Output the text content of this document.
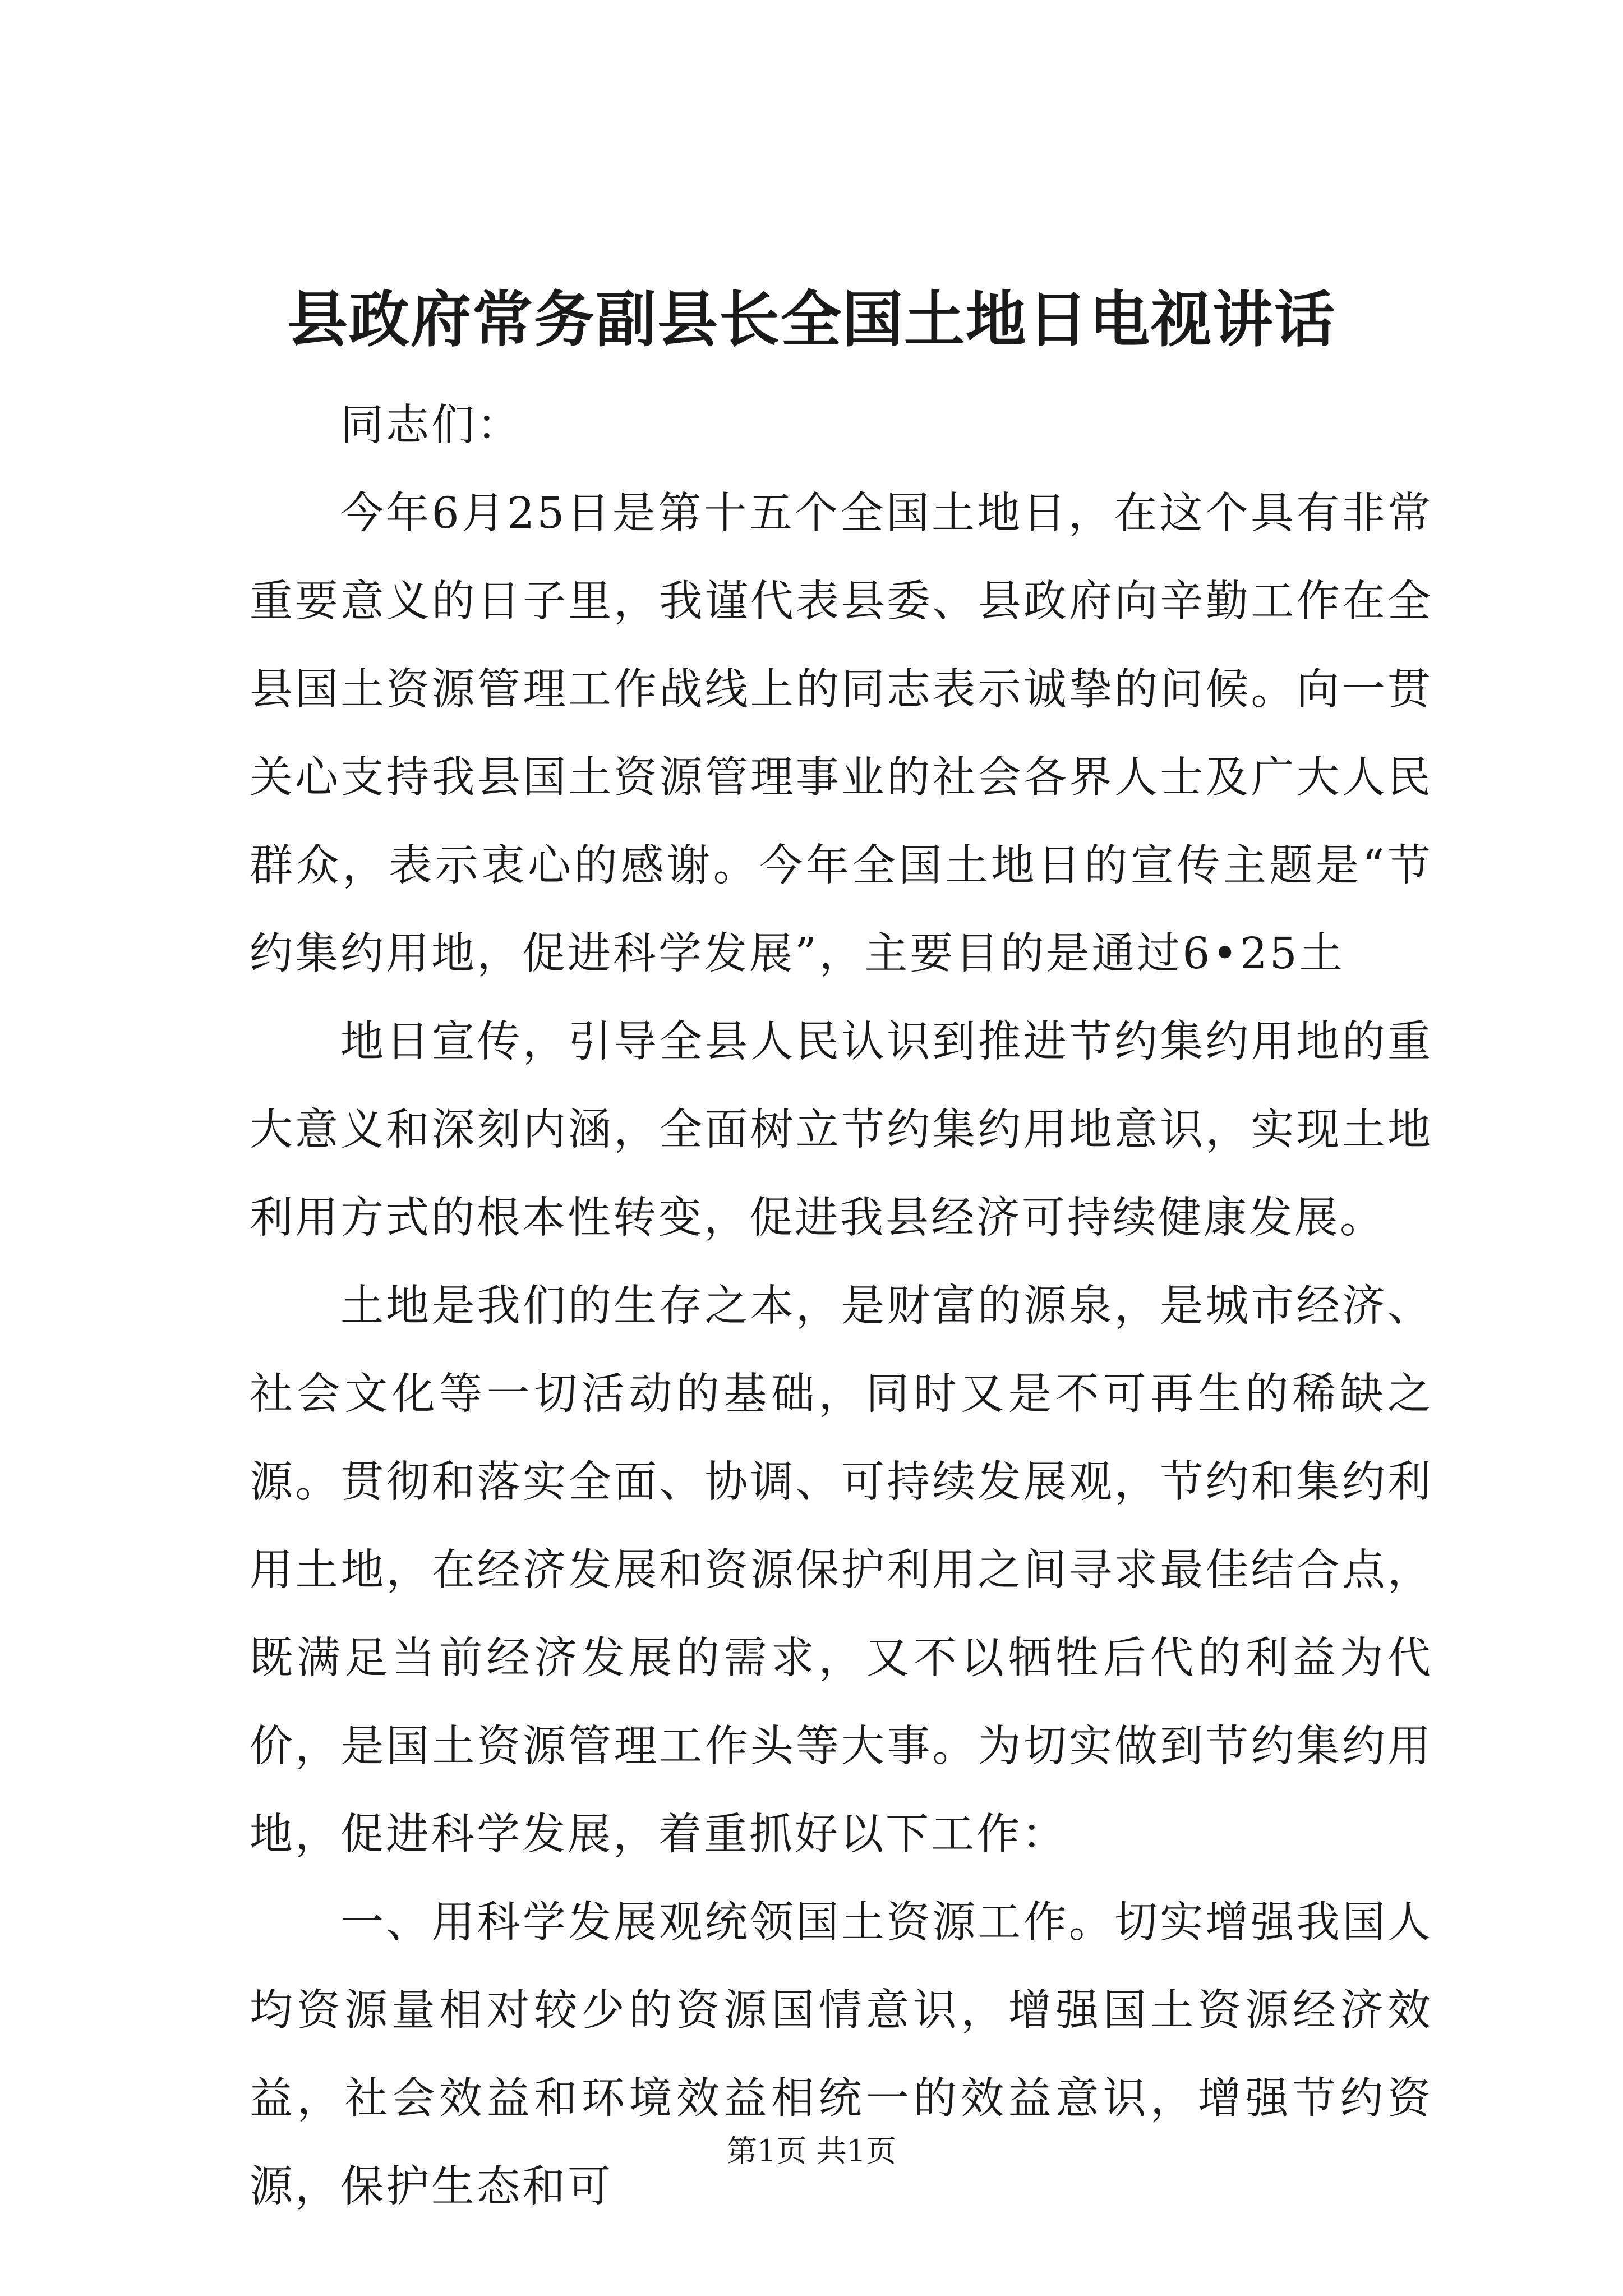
县政府常务副县长全国土地日电视讲话

同志们：

今年6月25日是第十五个全国土地日，在这个具有非常重要意义的日子里，我谨代表县委、县政府向辛勤工作在全县国土资源管理工作战线上的同志表示诚挚的问候。向一贯关心支持我县国土资源管理事业的社会各界人士及广大人民群众，表示衷心的感谢。今年全国土地日的宣传主题是“节约集约用地，促进科学发展”，主要目的是通过6•25土

地日宣传，引导全县人民认识到推进节约集约用地的重大意义和深刻内涵，全面树立节约集约用地意识，实现土地利用方式的根本性转变，促进我县经济可持续健康发展。

土地是我们的生存之本，是财富的源泉，是城市经济、社会文化等一切活动的基础，同时又是不可再生的稀缺之源。贯彻和落实全面、协调、可持续发展观，节约和集约利用土地，在经济发展和资源保护利用之间寻求最佳结合点，既满足当前经济发展的需求，又不以牺牲后代的利益为代价，是国土资源管理工作头等大事。为切实做到节约集约用地，促进科学发展，着重抓好以下工作：

一、用科学发展观统领国土资源工作。切实增强我国人均资源量相对较少的资源国情意识，增强国土资源经济效益，社会效益和环境效益相统一的效益意识，增强节约资源，保护生态和可

第1页 共1页
